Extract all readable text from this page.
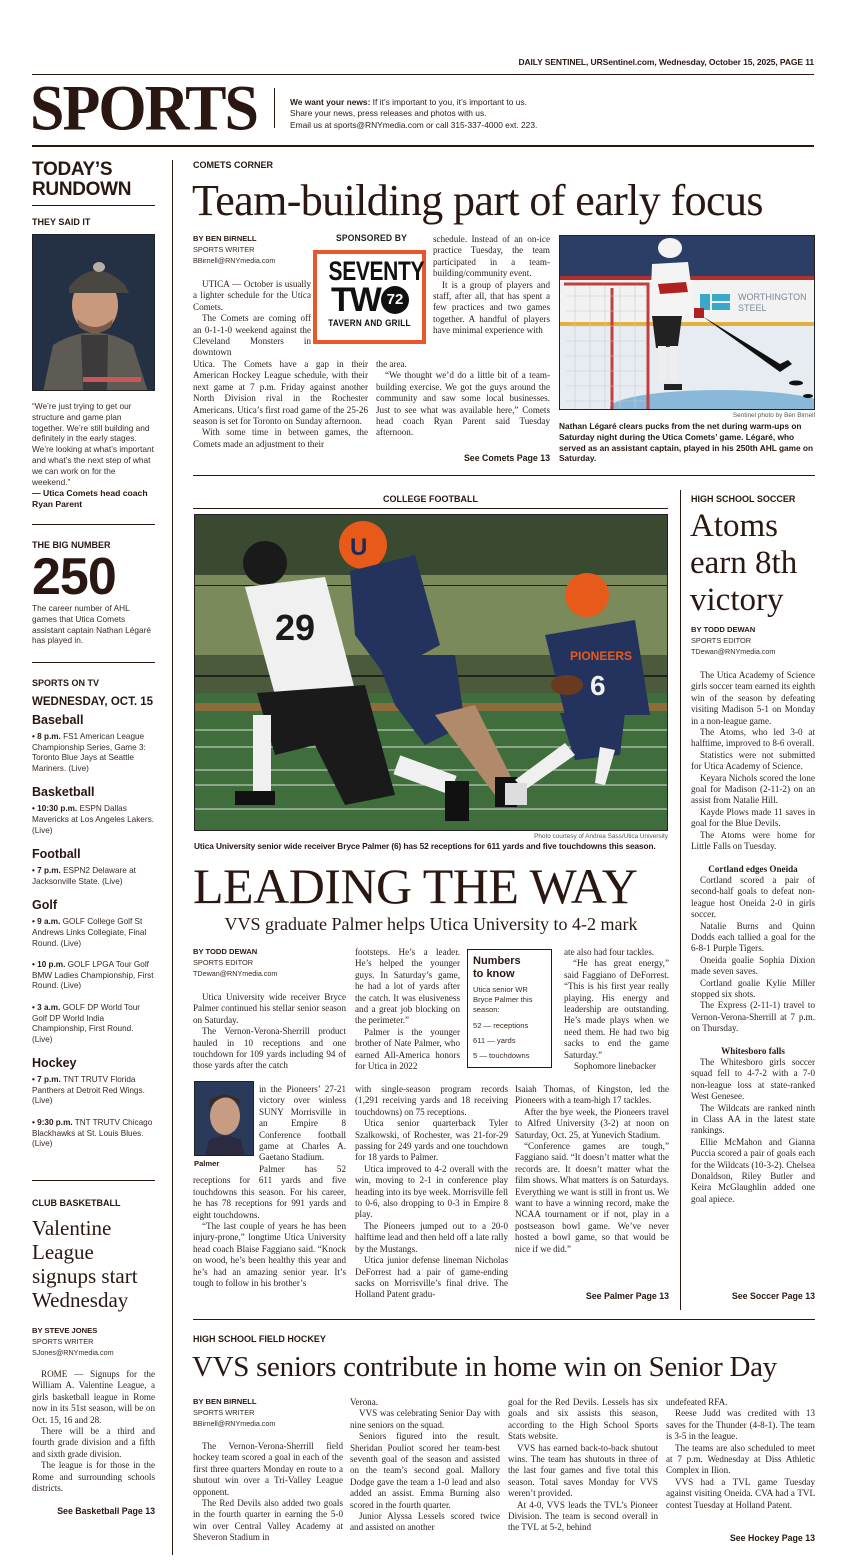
DAILY SENTINEL, URSentinel.com, Wednesday, October 15, 2025, PAGE 11
SPORTS	We want your news: If it’s important to you, it’s important to us.
Share your news, press releases and photos with us.
Email us at sports@RNYmedia.com or call 315-337-4000 ext. 223.
TODAY’S
RUNDOWN
THEY SAID IT
“We’re just trying to get our structure and game plan together. We’re still building and definitely in the early stages. We’re looking at what’s important and what’s the next step of what we can work on for the weekend.”
— Utica Comets head coach
Ryan Parent
THE BIG NUMBER
250
The career number of AHL games that Utica Comets assistant captain Nathan Légaré has played in.
SPORTS ON TV
WEDNESDAY, OCT. 15
Baseball
• 8 p.m. FS1 American League Championship Series, Game 3: Toronto Blue Jays at Seattle Mariners. (Live)
Basketball
• 10:30 p.m. ESPN Dallas Mavericks at Los Angeles Lakers. (Live)
Football
• 7 p.m. ESPN2 Delaware at Jacksonville State. (Live)
Golf
• 9 a.m. GOLF College Golf St Andrews Links Collegiate, Final Round. (Live)
• 10 p.m. GOLF LPGA Tour Golf BMW Ladies Championship, First Round. (Live)
• 3 a.m. GOLF DP World Tour Golf DP World India Championship, First Round. (Live)
Hockey
• 7 p.m. TNT TRUTV Florida Panthers at Detroit Red Wings. (Live)
• 9:30 p.m. TNT TRUTV Chicago Blackhawks at St. Louis Blues. (Live)
CLUB BASKETBALL
Valentine League signups start Wednesday
BY STEVE JONES
SPORTS WRITER
SJones@RNYmedia.com

ROME — Signups for the William A. Valentine League, a girls basketball league in Rome now in its 51st season, will be on Oct. 15, 16 and 28.

There will be a third and fourth grade division and a fifth and sixth grade division.

The league is for those in the Rome and surrounding schools districts.

See Basketball Page 13
COMETS CORNER
Team-building part of early focus
BY BEN BIRNELL
SPORTS WRITER
BBirnell@RNYmedia.com

UTICA — October is usually a lighter schedule for the Utica Comets.

The Comets are coming off an 0-1-1-0 weekend against the Cleveland Monsters in downtown

Utica. The Comets have a gap in their American Hockey League schedule, with their next game at 7 p.m. Friday against another North Division rival in the Rochester Americans. Utica’s first road game of the 25-26 season is set for Toronto on Sunday afternoon.

With some time in between games, the Comets made an adjustment to their

SPONSORED BY
SEVENTY
TW 72
TAVERN AND GRILL

schedule. Instead of an on-ice practice Tuesday, the team participated in a team-building/community event.

It is a group of players and staff, after all, that has spent a few practices and two games together. A handful of players have minimal experience with

the area.

“We thought we’d do a little bit of a team-building exercise. We got the guys around the community and saw some local businesses. Just to see what was available here,” Comets head coach Ryan Parent said Tuesday afternoon.

See Comets Page 13
WORTHINGTON
STEEL
Sentinel photo by Ben Birnell
Nathan Légaré clears pucks from the net during warm-ups on Saturday night during the Utica Comets’ game. Légaré, who served as an assistant captain, played in his 250th AHL game on Saturday.
COLLEGE FOOTBALL
29
U
PIONEERS
6
Photo courtesy of Andrea Sass/Utica University
Utica University senior wide receiver Bryce Palmer (6) has 52 receptions for 611 yards and five touchdowns this season.
LEADING THE WAY
VVS graduate Palmer helps Utica University to 4-2 mark
BY TODD DEWAN
SPORTS EDITOR
TDewan@RNYmedia.com

Utica University wide receiver Bryce Palmer continued his stellar senior season on Saturday.

The Vernon-Verona-Sherrill product hauled in 10 receptions and one touchdown for 109 yards including 94 of those yards after the catch

Palmer

in the Pioneers’ 27-21 victory over winless SUNY Morrisville in an Empire 8 Conference football game at Charles A. Gaetano Stadium.

Palmer has 52 receptions for 611 yards and five touchdowns this season. For his career, he has 78 receptions for 991 yards and eight touchdowns.

“The last couple of years he has been injury-prone,” longtime Utica University head coach Blaise Faggiano said. “Knock on wood, he’s been healthy this year and he’s had an amazing senior year. It’s tough to follow in his brother’s

footsteps. He’s a leader. He’s helped the younger guys. In Saturday’s game, he had a lot of yards after the catch. It was elusiveness and a great job blocking on the perimeter.”

Palmer is the younger brother of Nate Palmer, who earned All-America honors for Utica in 2022

with single-season program records (1,291 receiving yards and 18 receiving touchdowns) on 75 receptions.

Utica senior quarterback Tyler Szalkowski, of Rochester, was 21-for-29 passing for 249 yards and one touchdown for 18 yards to Palmer.

Utica improved to 4-2 overall with the win, moving to 2-1 in conference play heading into its bye week. Morrisville fell to 0-6, also dropping to 0-3 in Empire 8 play.

The Pioneers jumped out to a 20-0 halftime lead and then held off a late rally by the Mustangs.

Utica junior defense lineman Nicholas DeForrest had a pair of game-ending sacks on Morrisville’s final drive. The Holland Patent gradu-

Numbers
to know
Utica senior WR Bryce Palmer this season:
52 — receptions
611 — yards
5 — touchdowns

ate also had four tackles.

“He has great energy,” said Faggiano of DeForrest. “This is his first year really playing. His energy and leadership are outstanding. He’s made plays when we need them. He had two big sacks to end the game Saturday.”

Sophomore linebacker

Isaiah Thomas, of Kingston, led the Pioneers with a team-high 17 tackles.

After the bye week, the Pioneers travel to Alfred University (3-2) at noon on Saturday, Oct. 25, at Yunevich Stadium.

“Conference games are tough,” Faggiano said. “It doesn’t matter what the records are. It doesn’t matter what the film shows. What matters is on Saturdays. Everything we want is still in front us. We want to have a winning record, make the NCAA tournament or if not, play in a postseason bowl game. We’ve never hosted a bowl game, so that would be nice if we did.”

See Palmer Page 13
HIGH SCHOOL SOCCER
Atoms earn 8th victory
BY TODD DEWAN
SPORTS EDITOR
TDewan@RNYmedia.com

The Utica Academy of Science girls soccer team earned its eighth win of the season by defeating visiting Madison 5-1 on Monday in a non-league game.

The Atoms, who led 3-0 at halftime, improved to 8-6 overall.

Statistics were not submitted for Utica Academy of Science.

Keyara Nichols scored the lone goal for Madison (2-11-2) on an assist from Natalie Hill.

Kayde Plows made 11 saves in goal for the Blue Devils.

The Atoms were home for Little Falls on Tuesday.

Cortland edges Oneida

Cortland scored a pair of second-half goals to defeat non-league host Oneida 2-0 in girls soccer.

Natalie Burns and Quinn Dodds each tallied a goal for the 6-8-1 Purple Tigers.

Oneida goalie Sophia Dixion made seven saves.

Cortland goalie Kylie Miller stopped six shots.

The Express (2-11-1) travel to Vernon-Verona-Sherrill at 7 p.m. on Thursday.

Whitesboro falls

The Whitesboro girls soccer squad fell to 4-7-2 with a 7-0 non-league loss at state-ranked West Genesee.

The Wildcats are ranked ninth in Class AA in the latest state rankings.

Ellie McMahon and Gianna Puccia scored a pair of goals each for the Wildcats (10-3-2). Chelsea Donaldson, Riley Butler and Keira McGlaughlin added one goal apiece.

See Soccer Page 13
HIGH SCHOOL FIELD HOCKEY
VVS seniors contribute in home win on Senior Day
BY BEN BIRNELL
SPORTS WRITER
BBirnell@RNYmedia.com

The Vernon-Verona-Sherrill field hockey team scored a goal in each of the first three quarters Monday en route to a shutout win over a Tri-Valley League opponent.

The Red Devils also added two goals in the fourth quarter in earning the 5-0 win over Central Valley Academy at Sheveron Stadium in

Verona.

VVS was celebrating Senior Day with nine seniors on the squad.

Seniors figured into the result. Sheridan Pouliot scored her team-best seventh goal of the season and assisted on the team’s second goal. Mallory Dodge gave the team a 1-0 lead and also added an assist. Emma Burning also scored in the fourth quarter.

Junior Alyssa Lessels scored twice and assisted on another

goal for the Red Devils. Lessels has six goals and six assists this season, according to the High School Sports Stats website.

VVS has earned back-to-back shutout wins. The team has shutouts in three of the last four games and five total this season. Total saves Monday for VVS weren’t provided.

At 4-0, VVS leads the TVL’s Pioneer Division. The team is second overall in the TVL at 5-2, behind

undefeated RFA.

Reese Judd was credited with 13 saves for the Thunder (4-8-1). The team is 3-5 in the league.

The teams are also scheduled to meet at 7 p.m. Wednesday at Diss Athletic Complex in Ilion.

VVS had a TVL game Tuesday against visiting Oneida. CVA had a TVL contest Tuesday at Holland Patent.

See Hockey Page 13
